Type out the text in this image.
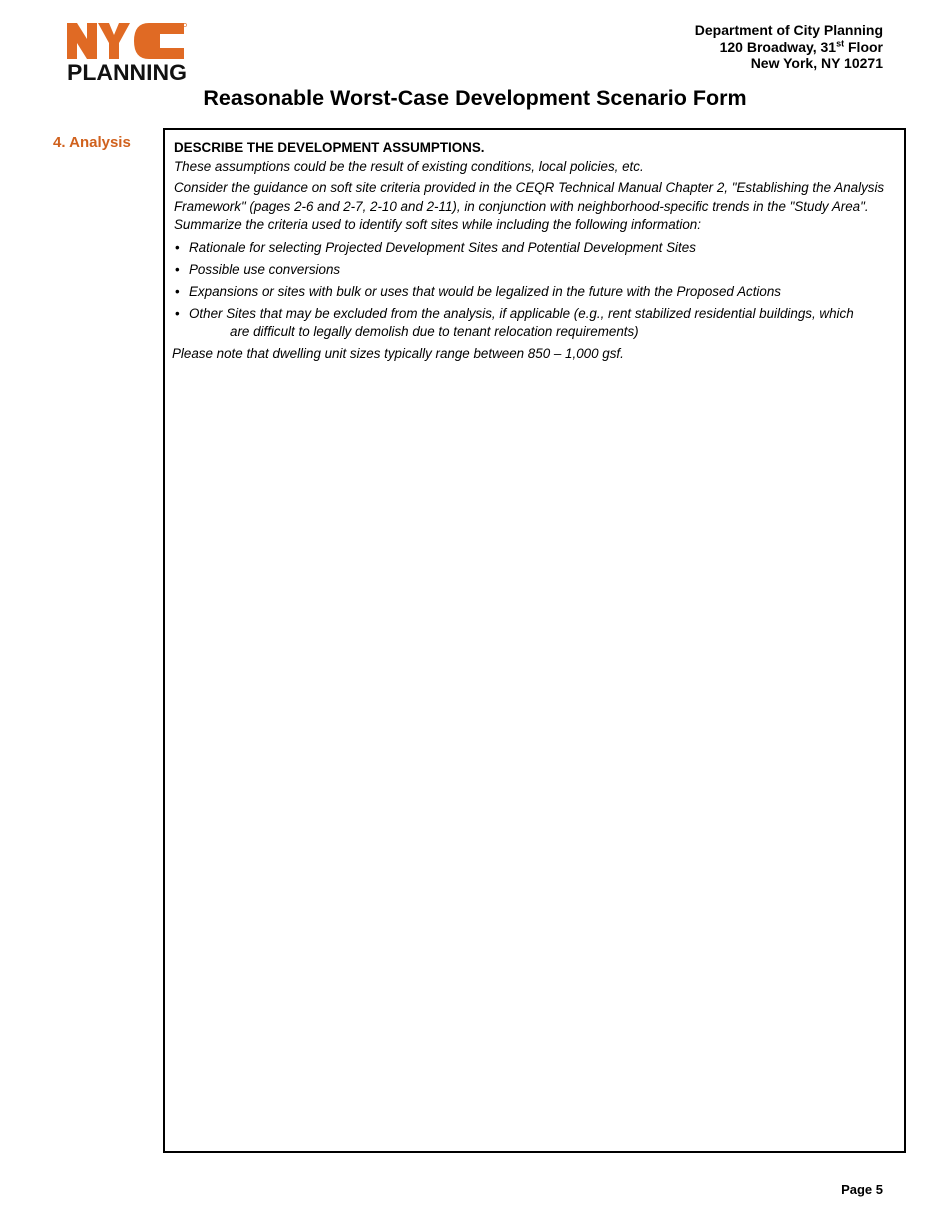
PLANNING
Department of City Planning
120 Broadway, 31st Floor
New York, NY 10271
Reasonable Worst-Case Development Scenario Form
4. Analysis	DESCRIBE THE DEVELOPMENT ASSUMPTIONS.

These assumptions could be the result of existing conditions, local policies, etc.

Consider the guidance on soft site criteria provided in the CEQR Technical Manual Chapter 2, "Establishing the Analysis Framework" (pages 2-6 and 2-7, 2-10 and 2-11), in conjunction with neighborhood-specific trends in the "Study Area". Summarize the criteria used to identify soft sites while including the following information:

• Rationale for selecting Projected Development Sites and Potential Development Sites
• Possible use conversions
• Expansions or sites with bulk or uses that would be legalized in the future with the Proposed Actions
• Other Sites that may be excluded from the analysis, if applicable (e.g., rent stabilized residential buildings, which
are difficult to legally demolish due to tenant relocation requirements)

Please note that dwelling unit sizes typically range between 850 – 1,000 gsf.

Page 5
